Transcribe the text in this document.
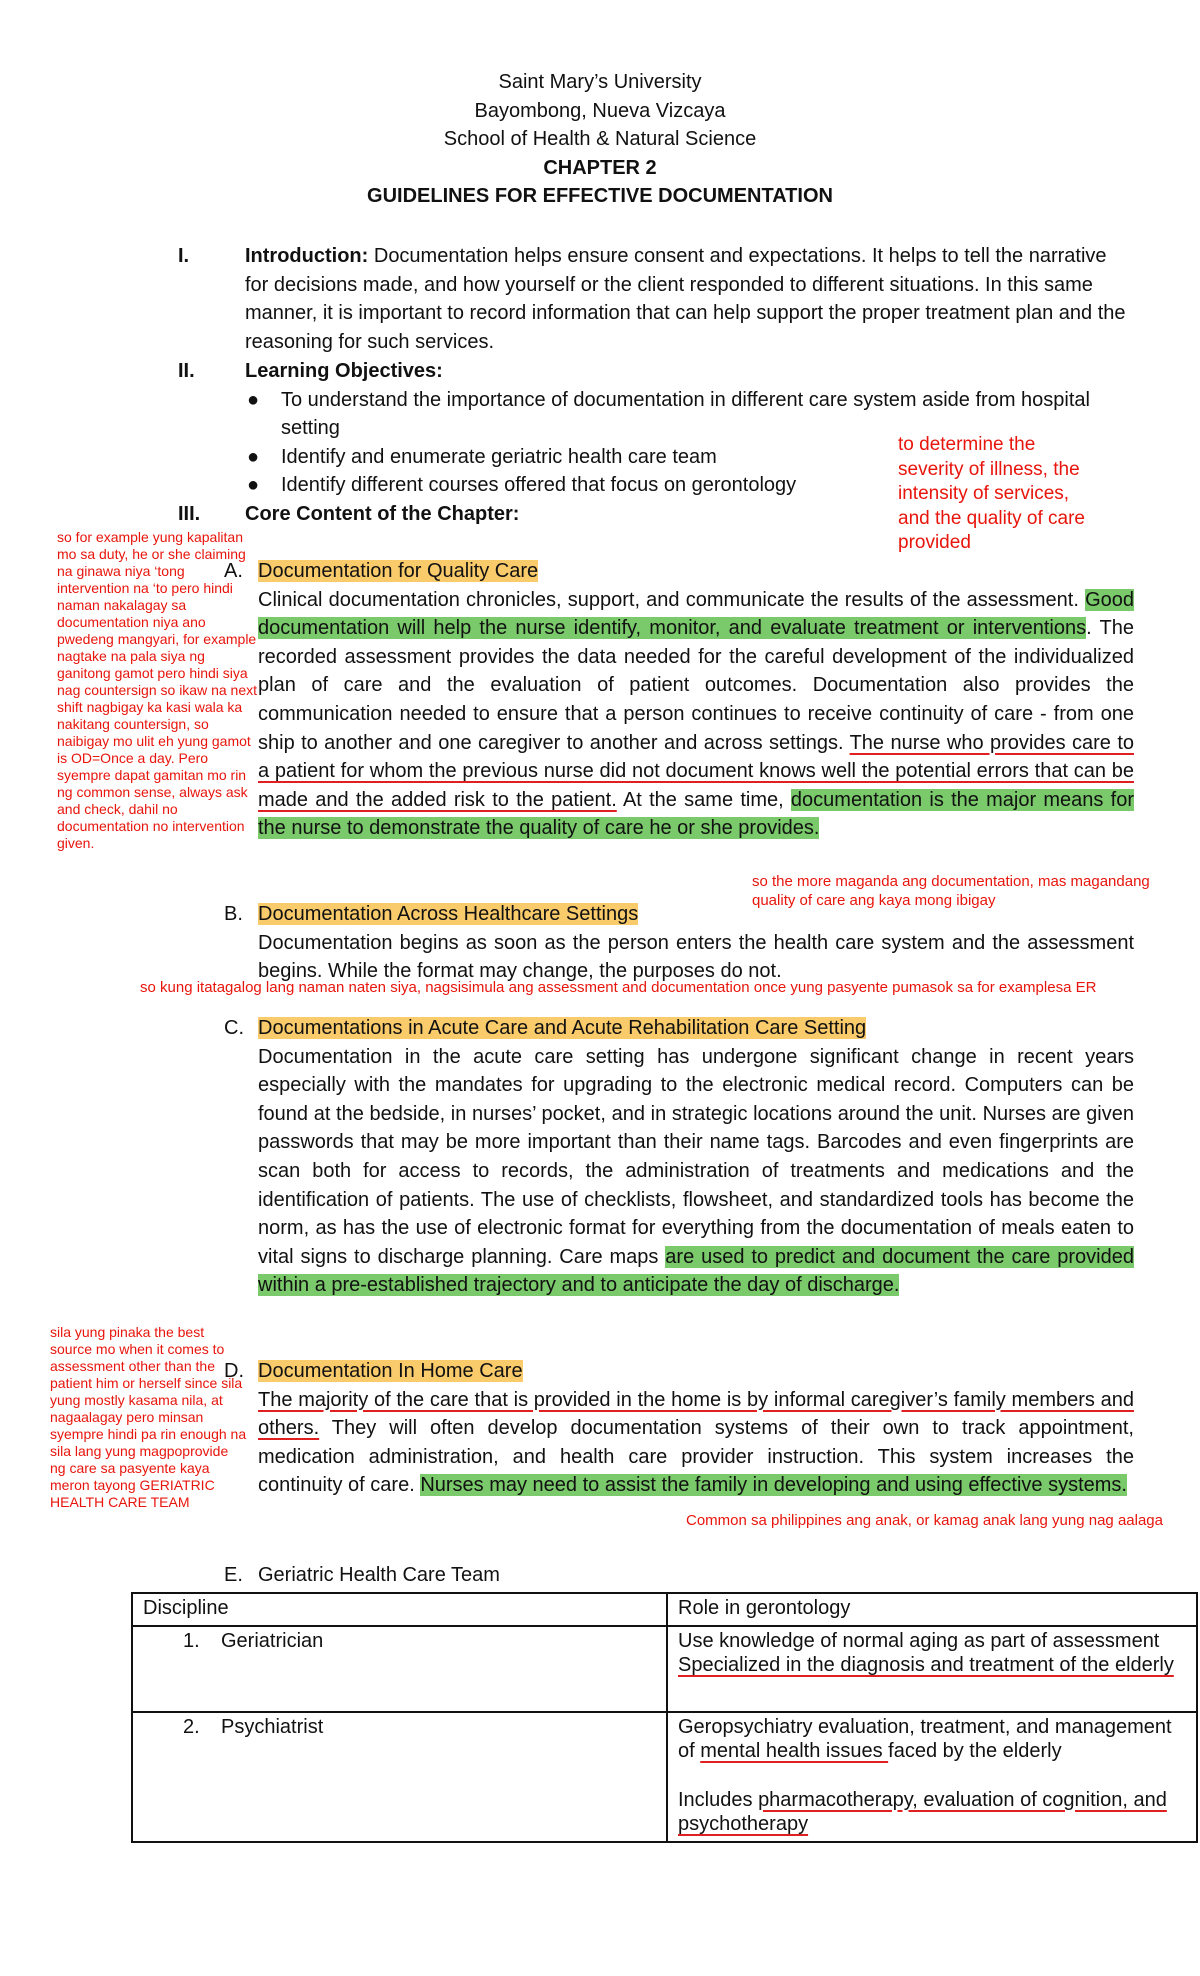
Saint Mary’s University
Bayombong, Nueva Vizcaya
School of Health & Natural Science
CHAPTER 2
GUIDELINES FOR EFFECTIVE DOCUMENTATION
I.	Introduction: Documentation helps ensure consent and expectations. It helps to tell the narrative for decisions made, and how yourself or the client responded to different situations. In this same manner, it is important to record information that can help support the proper treatment plan and the reasoning for such services.
II.	Learning Objectives:
● To understand the importance of documentation in different care system aside from hospital setting
● Identify and enumerate geriatric health care team
● Identify different courses offered that focus on gerontology
III. Core Content of the Chapter:
A. Documentation for Quality Care

Clinical documentation chronicles, support, and communicate the results of the assessment. Good documentation will help the nurse identify, monitor, and evaluate treatment or interventions. The recorded assessment provides the data needed for the careful development of the individualized plan of care and the evaluation of patient outcomes. Documentation also provides the communication needed to ensure that a person continues to receive continuity of care - from one ship to another and one caregiver to another and across settings. The nurse who provides care to a patient for whom the previous nurse did not document knows well the potential errors that can be made and the added risk to the patient. At the same time, documentation is the major means for the nurse to demonstrate the quality of care he or she provides.

B. Documentation Across Healthcare Settings

Documentation begins as soon as the person enters the health care system and the assessment begins. While the format may change, the purposes do not.

C. Documentations in Acute Care and Acute Rehabilitation Care Setting

Documentation in the acute care setting has undergone significant change in recent years especially with the mandates for upgrading to the electronic medical record. Computers can be found at the bedside, in nurses’ pocket, and in strategic locations around the unit. Nurses are given passwords that may be more important than their name tags. Barcodes and even fingerprints are scan both for access to records, the administration of treatments and medications and the identification of patients. The use of checklists, flowsheet, and standardized tools has become the norm, as has the use of electronic format for everything from the documentation of meals eaten to vital signs to discharge planning. Care maps are used to predict and document the care provided within a pre-established trajectory and to anticipate the day of discharge.

D. Documentation In Home Care

The majority of the care that is provided in the home is by informal caregiver’s family members and others. They will often develop documentation systems of their own to track appointment, medication administration, and health care provider instruction. This system increases the continuity of care. Nurses may need to assist the family in developing and using effective systems.

E. Geriatric Health Care Team
Discipline	Role in gerontology
1. Geriatrician	Use knowledge of normal aging as part of assessment
Specialized in the diagnosis and treatment of the elderly

2. Psychiatrist	Geropsychiatry evaluation, treatment, and management of mental health issues faced by the elderly
Includes pharmacotherapy, evaluation of cognition, and psychotherapy
to determine the severity of illness, the intensity of services, and the quality of care provided
so for example yung kapalitan mo sa duty, he or she claiming na ginawa niya ‘tong intervention na ‘to pero hindi naman nakalagay sa documentation niya ano pwedeng mangyari, for example nagtake na pala siya ng ganitong gamot pero hindi siya nag countersign so ikaw na next shift nagbigay ka kasi wala ka nakitang countersign, so naibigay mo ulit eh yung gamot is OD=Once a day. Pero syempre dapat gamitan mo rin ng common sense, always ask and check, dahil no documentation no intervention given.
so the more maganda ang documentation, mas magandang quality of care ang kaya mong ibigay
so kung itatagalog lang naman naten siya, nagsisimula ang assessment and documentation once yung pasyente pumasok sa for examplesa ER
sila yung pinaka the best source mo when it comes to assessment other than the patient him or herself since sila yung mostly kasama nila, at nagaalagay pero minsan syempre hindi pa rin enough na sila lang yung magpoprovide ng care sa pasyente kaya meron tayong GERIATRIC HEALTH CARE TEAM
Common sa philippines ang anak, or kamag anak lang yung nag aalaga
